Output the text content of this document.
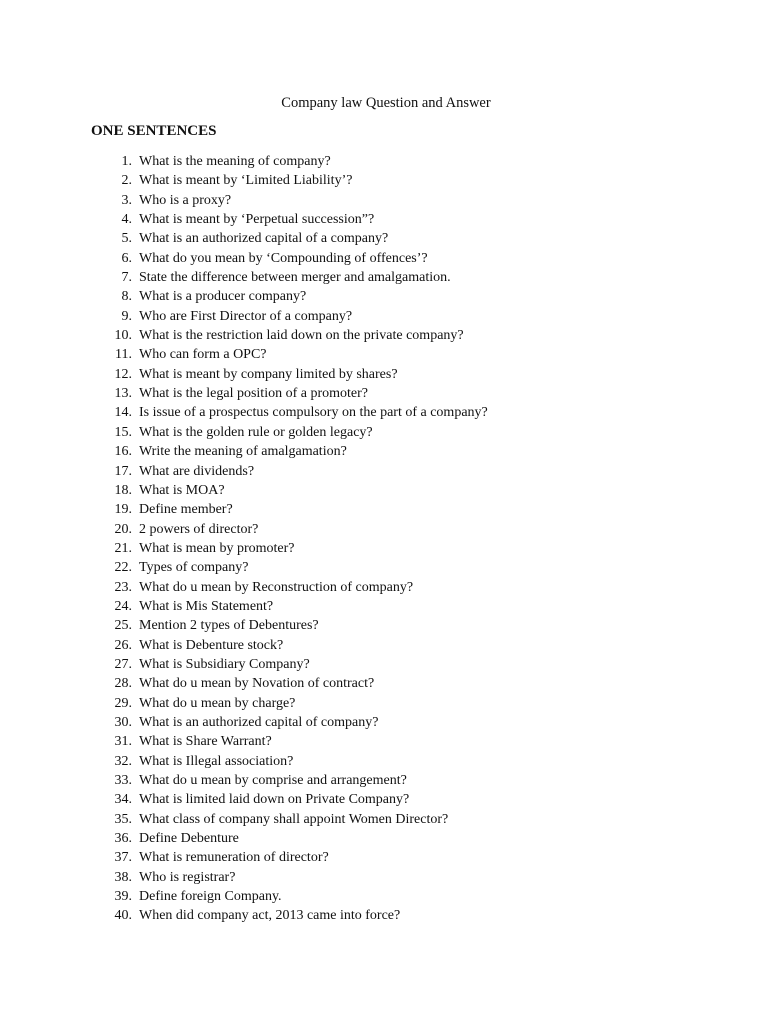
Company law Question and Answer
ONE SENTENCES
1. What is the meaning of company?
2. What is meant by ‘Limited Liability’?
3. Who is a proxy?
4. What is meant by ‘Perpetual succession”?
5. What is an authorized capital of a company?
6. What do you mean by ‘Compounding of offences’?
7. State the difference between merger and amalgamation.
8. What is a producer company?
9. Who are First Director of a company?
10. What is the restriction laid down on the private company?
11. Who can form a OPC?
12. What is meant by company limited by shares?
13. What is the legal position of a promoter?
14. Is issue of a prospectus compulsory on the part of a company?
15. What is the golden rule or golden legacy?
16. Write the meaning of amalgamation?
17. What are dividends?
18. What is MOA?
19. Define member?
20. 2 powers of director?
21. What is mean by promoter?
22. Types of company?
23. What do u mean by Reconstruction of company?
24. What is Mis Statement?
25. Mention 2 types of Debentures?
26. What is Debenture stock?
27. What is Subsidiary Company?
28. What do u mean by Novation of contract?
29. What do u mean by charge?
30. What is an authorized capital of company?
31. What is Share Warrant?
32. What is Illegal association?
33. What do u mean by comprise and arrangement?
34. What is limited laid down on Private Company?
35. What class of company shall appoint Women Director?
36. Define Debenture
37. What is remuneration of director?
38. Who is registrar?
39. Define foreign Company.
40. When did company act, 2013 came into force?
